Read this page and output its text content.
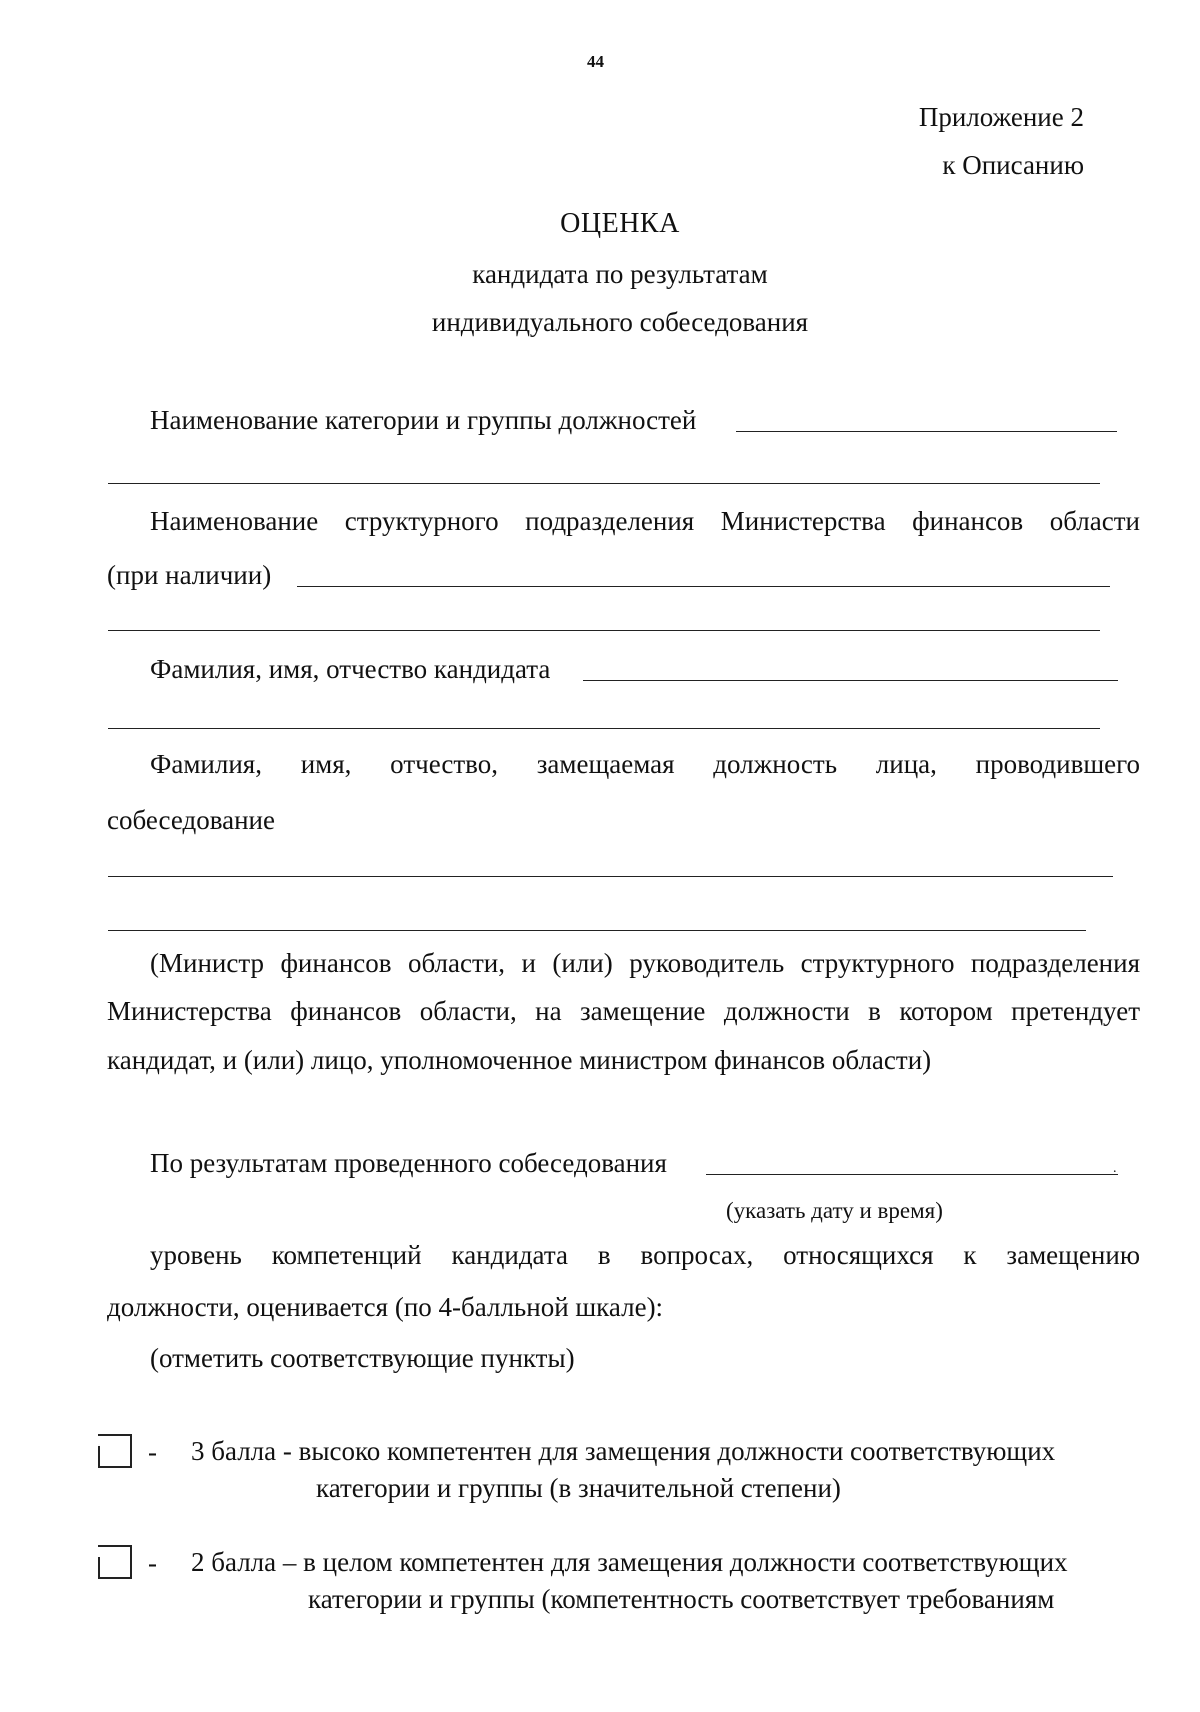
44
Приложение 2
к Описанию
ОЦЕНКА
кандидата по результатам
индивидуального собеседования
Наименование категории и группы должностей
Наименование структурного подразделения Министерства финансов области
(при наличии)
Фамилия, имя, отчество кандидата
Фамилия, имя, отчество, замещаемая должность лица, проводившего
собеседование
(Министр финансов области, и (или) руководитель структурного подразделения
Министерства финансов области, на замещение должности в котором претендует
кандидат, и (или) лицо, уполномоченное министром финансов области)
По результатам проведенного собеседования	.
(указать дату и время)
уровень компетенций кандидата в вопросах, относящихся к замещению
должности, оценивается (по 4-балльной шкале):
(отметить соответствующие пункты)
- 3 балла - высоко компетентен для замещения должности соответствующих
категории и группы (в значительной степени)
- 2 балла – в целом компетентен для замещения должности соответствующих
категории и группы (компетентность соответствует требованиям
